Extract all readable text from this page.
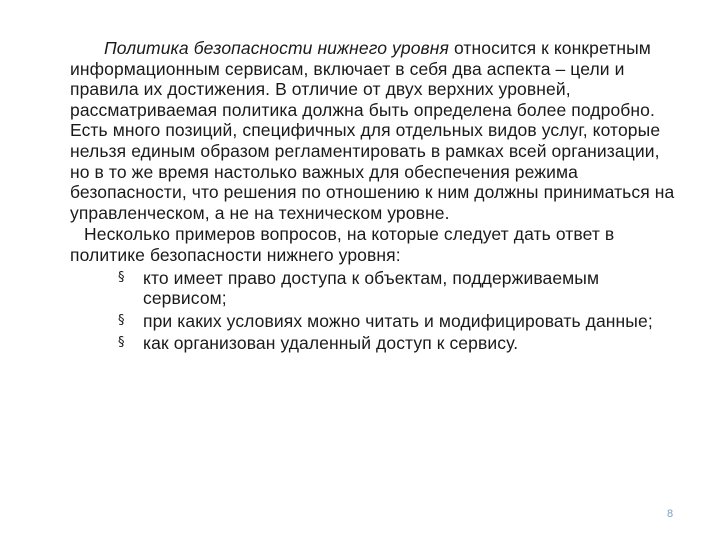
Политика безопасности нижнего уровня относится к конкретным информационным сервисам, включает в себя два аспекта – цели и правила их достижения. В отличие от двух верхних уровней, рассматриваемая политика должна быть определена более подробно. Есть много позиций, специфичных для отдельных видов услуг, которые нельзя единым образом регламентировать в рамках всей организации, но в то же время настолько важных для обеспечения режима безопасности, что решения по отношению к ним должны приниматься на управленческом, а не на техническом уровне.

Несколько примеров вопросов, на которые следует дать ответ в политике безопасности нижнего уровня:

§ кто имеет право доступа к объектам, поддерживаемым сервисом;
§ при каких условиях можно читать и модифицировать данные;
§ как организован удаленный доступ к сервису.
8
